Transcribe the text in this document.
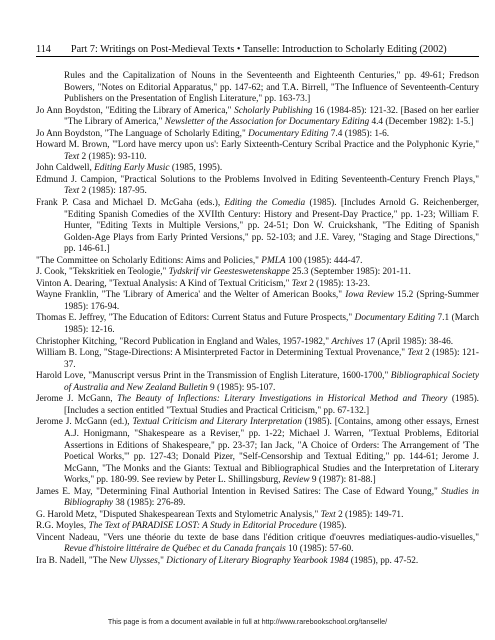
114 Part 7: Writings on Post-Medieval Texts • Tanselle: Introduction to Scholarly Editing (2002)

Rules and the Capitalization of Nouns in the Seventeenth and Eighteenth Centuries," pp. 49-61; Fredson Bowers, "Notes on Editorial Apparatus," pp. 147-62; and T.A. Birrell, "The Influence of Seventeenth-Century Publishers on the Presentation of English Literature," pp. 163-73.]

Jo Ann Boydston, "Editing the Library of America," Scholarly Publishing 16 (1984-85): 121-32. [Based on her earlier "The Library of America," Newsletter of the Association for Documentary Editing 4.4 (December 1982): 1-5.]

Jo Ann Boydston, "The Language of Scholarly Editing," Documentary Editing 7.4 (1985): 1-6.

Howard M. Brown, "'Lord have mercy upon us': Early Sixteenth-Century Scribal Practice and the Polyphonic Kyrie," Text 2 (1985): 93-110.

John Caldwell, Editing Early Music (1985, 1995).

Edmund J. Campion, "Practical Solutions to the Problems Involved in Editing Seventeenth-Century French Plays," Text 2 (1985): 187-95.

Frank P. Casa and Michael D. McGaha (eds.), Editing the Comedia (1985). [Includes Arnold G. Reichenberger, "Editing Spanish Comedies of the XVIIth Century: History and Present-Day Practice," pp. 1-23; William F. Hunter, "Editing Texts in Multiple Versions," pp. 24-51; Don W. Cruickshank, "The Editing of Spanish Golden-Age Plays from Early Printed Versions," pp. 52-103; and J.E. Varey, "Staging and Stage Directions," pp. 146-61.]

"The Committee on Scholarly Editions: Aims and Policies," PMLA 100 (1985): 444-47.

J. Cook, "Tekskritiek en Teologie," Tydskrif vir Geesteswetenskappe 25.3 (September 1985): 201-11.

Vinton A. Dearing, "Textual Analysis: A Kind of Textual Criticism," Text 2 (1985): 13-23.

Wayne Franklin, "The 'Library of America' and the Welter of American Books," Iowa Review 15.2 (Spring-Summer 1985): 176-94.

Thomas E. Jeffrey, "The Education of Editors: Current Status and Future Prospects," Documentary Editing 7.1 (March 1985): 12-16.

Christopher Kitching, "Record Publication in England and Wales, 1957-1982," Archives 17 (April 1985): 38-46.

William B. Long, "Stage-Directions: A Misinterpreted Factor in Determining Textual Provenance," Text 2 (1985): 121-37.

Harold Love, "Manuscript versus Print in the Transmission of English Literature, 1600-1700," Bibliographical Society of Australia and New Zealand Bulletin 9 (1985): 95-107.

Jerome J. McGann, The Beauty of Inflections: Literary Investigations in Historical Method and Theory (1985). [Includes a section entitled "Textual Studies and Practical Criticism," pp. 67-132.]

Jerome J. McGann (ed.), Textual Criticism and Literary Interpretation (1985). [Contains, among other essays, Ernest A.J. Honigmann, "Shakespeare as a Reviser," pp. 1-22; Michael J. Warren, "Textual Problems, Editorial Assertions in Editions of Shakespeare," pp. 23-37; Ian Jack, "A Choice of Orders: The Arrangement of 'The Poetical Works,'" pp. 127-43; Donald Pizer, "Self-Censorship and Textual Editing," pp. 144-61; Jerome J. McGann, "The Monks and the Giants: Textual and Bibliographical Studies and the Interpretation of Literary Works," pp. 180-99. See review by Peter L. Shillingsburg, Review 9 (1987): 81-88.]

James E. May, "Determining Final Authorial Intention in Revised Satires: The Case of Edward Young," Studies in Bibliography 38 (1985): 276-89.

G. Harold Metz, "Disputed Shakespearean Texts and Stylometric Analysis," Text 2 (1985): 149-71.

R.G. Moyles, The Text of PARADISE LOST: A Study in Editorial Procedure (1985).

Vincent Nadeau, "Vers une théorie du texte de base dans l'édition critique d'oeuvres mediatiques-audio-visuelles," Revue d'histoire littéraire de Québec et du Canada français 10 (1985): 57-60.

Ira B. Nadell, "The New Ulysses," Dictionary of Literary Biography Yearbook 1984 (1985), pp. 47-52.

This page is from a document available in full at http://www.rarebookschool.org/tanselle/
